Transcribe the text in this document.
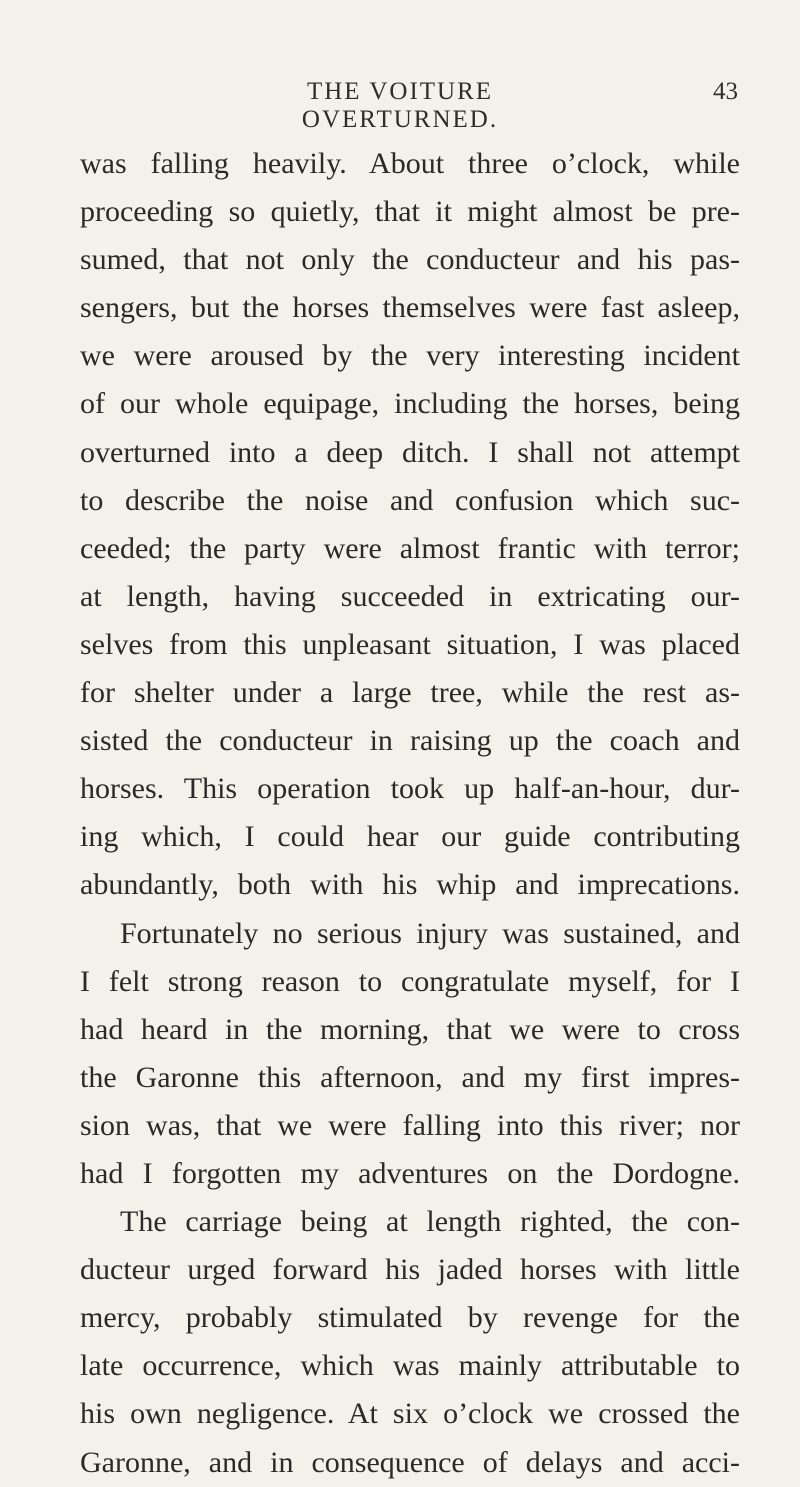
THE VOITURE OVERTURNED.
43
was falling heavily. About three o’clock, while
proceeding so quietly, that it might almost be pre-
sumed, that not only the conducteur and his pas-
sengers, but the horses themselves were fast asleep,
we were aroused by the very interesting incident
of our whole equipage, including the horses, being
overturned into a deep ditch. I shall not attempt
to describe the noise and confusion which suc-
ceeded; the party were almost frantic with terror;
at length, having succeeded in extricating our-
selves from this unpleasant situation, I was placed
for shelter under a large tree, while the rest as-
sisted the conducteur in raising up the coach and
horses. This operation took up half-an-hour, dur-
ing which, I could hear our guide contributing
abundantly, both with his whip and imprecations.
Fortunately no serious injury was sustained, and
I felt strong reason to congratulate myself, for I
had heard in the morning, that we were to cross
the Garonne this afternoon, and my first impres-
sion was, that we were falling into this river; nor
had I forgotten my adventures on the Dordogne.
The carriage being at length righted, the con-
ducteur urged forward his jaded horses with little
mercy, probably stimulated by revenge for the
late occurrence, which was mainly attributable to
his own negligence. At six o’clock we crossed the
Garonne, and in consequence of delays and acci-
